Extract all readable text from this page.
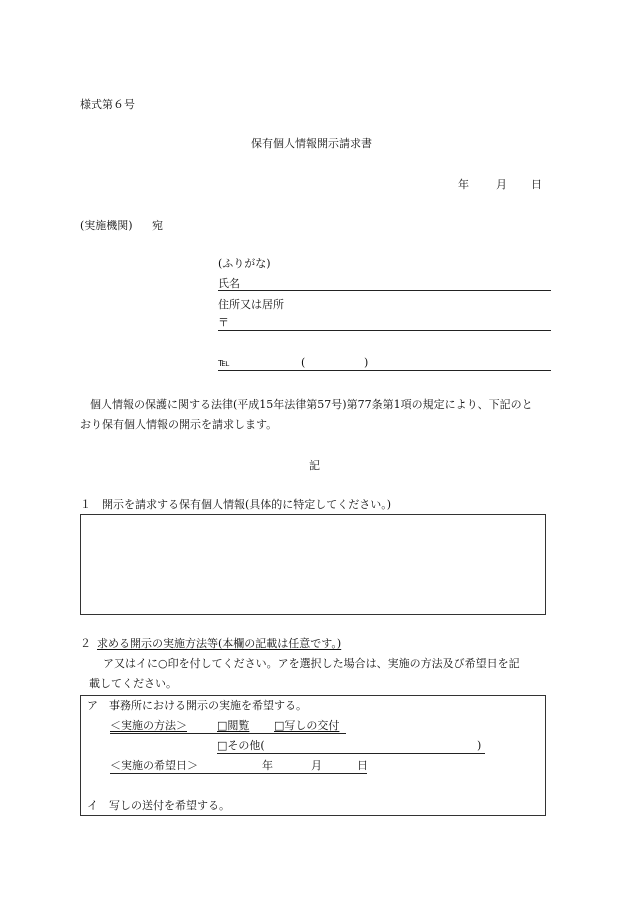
様式第６号
保有個人情報開示請求書
年 月 日
(実施機関) 宛
(ふりがな)
氏名
住所又は居所
〒
℡	(	)
個人情報の保護に関する法律(平成15年法律第57号)第77条第1項の規定により、下記のと
おり保有個人情報の開示を請求します。
記
１　開示を請求する保有個人情報(具体的に特定してください。)
２ 求める開示の実施方法等(本欄の記載は任意です。)
ア又はイに○印を付してください。アを選択した場合は、実施の方法及び希望日を記
載してください。
ア　事務所における開示の実施を希望する。
＜実施の方法＞	□閲覧 □写しの交付
□その他(	)
＜実施の希望日＞	年	月	日
イ　写しの送付を希望する。
